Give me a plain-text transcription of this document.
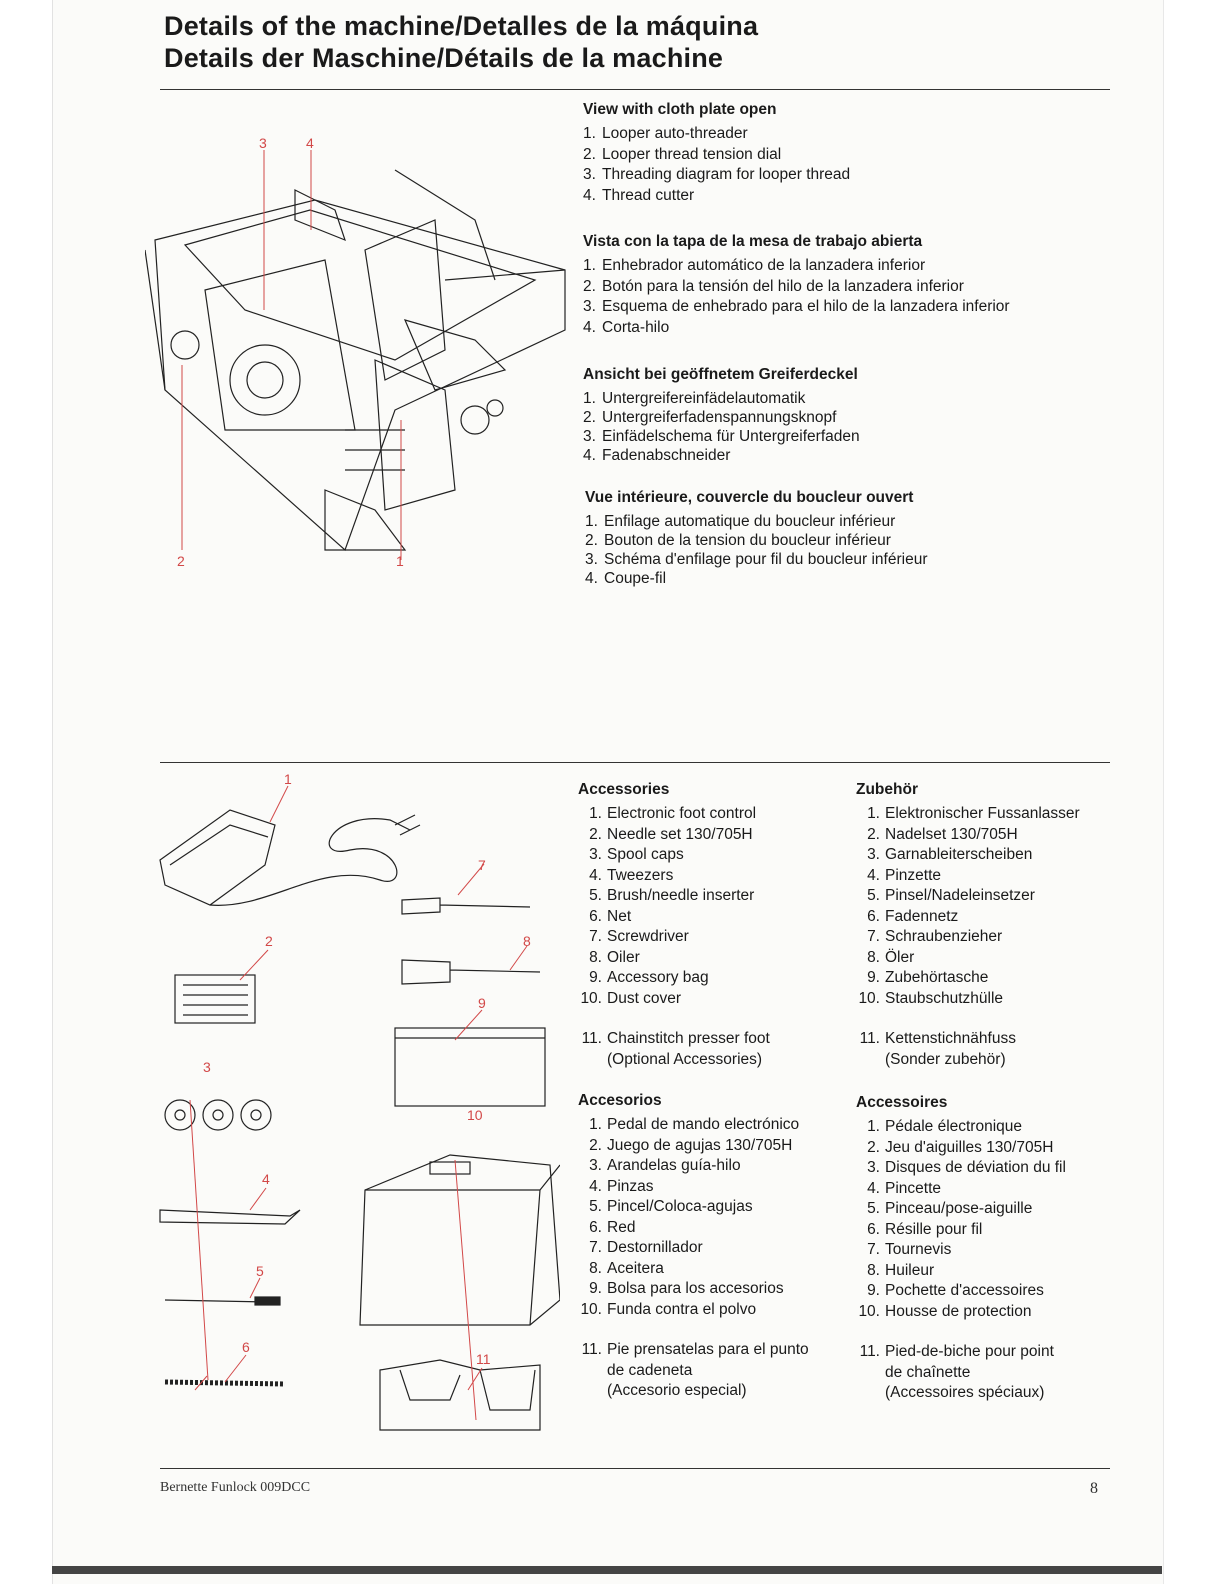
Details of the machine/Detalles de la máquina
Details der Maschine/Détails de la machine
3	4
2	1
View with cloth plate open
1. Looper auto-threader
2. Looper thread tension dial
3. Threading diagram for looper thread
4. Thread cutter
Vista con la tapa de la mesa de trabajo abierta
1. Enhebrador automático de la lanzadera inferior
2. Botón para la tensión del hilo de la lanzadera inferior
3. Esquema de enhebrado para el hilo de la lanzadera inferior
4. Corta-hilo
Ansicht bei geöffnetem Greiferdeckel
1. Untergreifereinfädelautomatik
2. Untergreiferfadenspannungsknopf
3. Einfädelschema für Untergreiferfaden
4. Fadenabschneider
Vue intérieure, couvercle du boucleur ouvert
1. Enfilage automatique du boucleur inférieur
2. Bouton de la tension du boucleur inférieur
3. Schéma d'enfilage pour fil du boucleur inférieur
4. Coupe-fil
1
2
3
4
5
6
7
8
9
10
11
Accessories
1. Electronic foot control
2. Needle set 130/705H
3. Spool caps
4. Tweezers
5. Brush/needle inserter
6. Net
7. Screwdriver
8. Oiler
9. Accessory bag
10. Dust cover
11. Chainstitch presser foot
(Optional Accessories)
Zubehör
1. Elektronischer Fussanlasser
2. Nadelset 130/705H
3. Garnableiterscheiben
4. Pinzette
5. Pinsel/Nadeleinsetzer
6. Fadennetz
7. Schraubenzieher
8. Öler
9. Zubehörtasche
10. Staubschutzhülle
11. Kettenstichnähfuss
(Sonder zubehör)
Accesorios
1. Pedal de mando electrónico
2. Juego de agujas 130/705H
3. Arandelas guía-hilo
4. Pinzas
5. Pincel/Coloca-agujas
6. Red
7. Destornillador
8. Aceitera
9. Bolsa para los accesorios
10. Funda contra el polvo
11. Pie prensatelas para el punto
de cadeneta
(Accesorio especial)
Accessoires
1. Pédale électronique
2. Jeu d'aiguilles 130/705H
3. Disques de déviation du fil
4. Pincette
5. Pinceau/pose-aiguille
6. Résille pour fil
7. Tournevis
8. Huileur
9. Pochette d'accessoires
10. Housse de protection
11. Pied-de-biche pour point
de chaînette
(Accessoires spéciaux)
Bernette Funlock 009DCC	8
